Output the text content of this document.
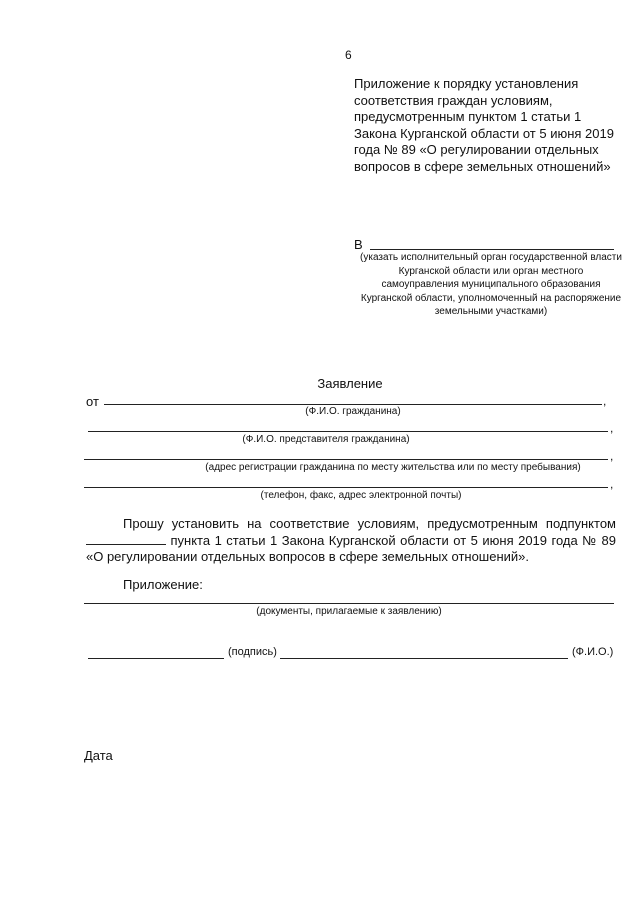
6
Приложение к порядку установления соответствия граждан условиям, предусмотренным пунктом 1 статьи 1 Закона Курганской области от 5 июня 2019 года № 89 «О регулировании отдельных вопросов в сфере земельных отношений»
В
(указать исполнительный орган государственной власти Курганской области или орган местного самоуправления муниципального образования Курганской области, уполномоченный на распоряжение земельными участками)
Заявление
от	,
(Ф.И.О. гражданина)
,
(Ф.И.О. представителя гражданина)
,
(адрес регистрации гражданина по месту жительства или по месту пребывания)
,
(телефон, факс, адрес электронной почты)

Прошу установить на соответствие условиям, предусмотренным подпунктом  пункта 1 статьи 1 Закона Курганской области от 5 июня 2019 года № 89 «О регулировании отдельных вопросов в сфере земельных отношений».

Приложение:
(документы, прилагаемые к заявлению)
(подпись)	(Ф.И.О.)
Дата
